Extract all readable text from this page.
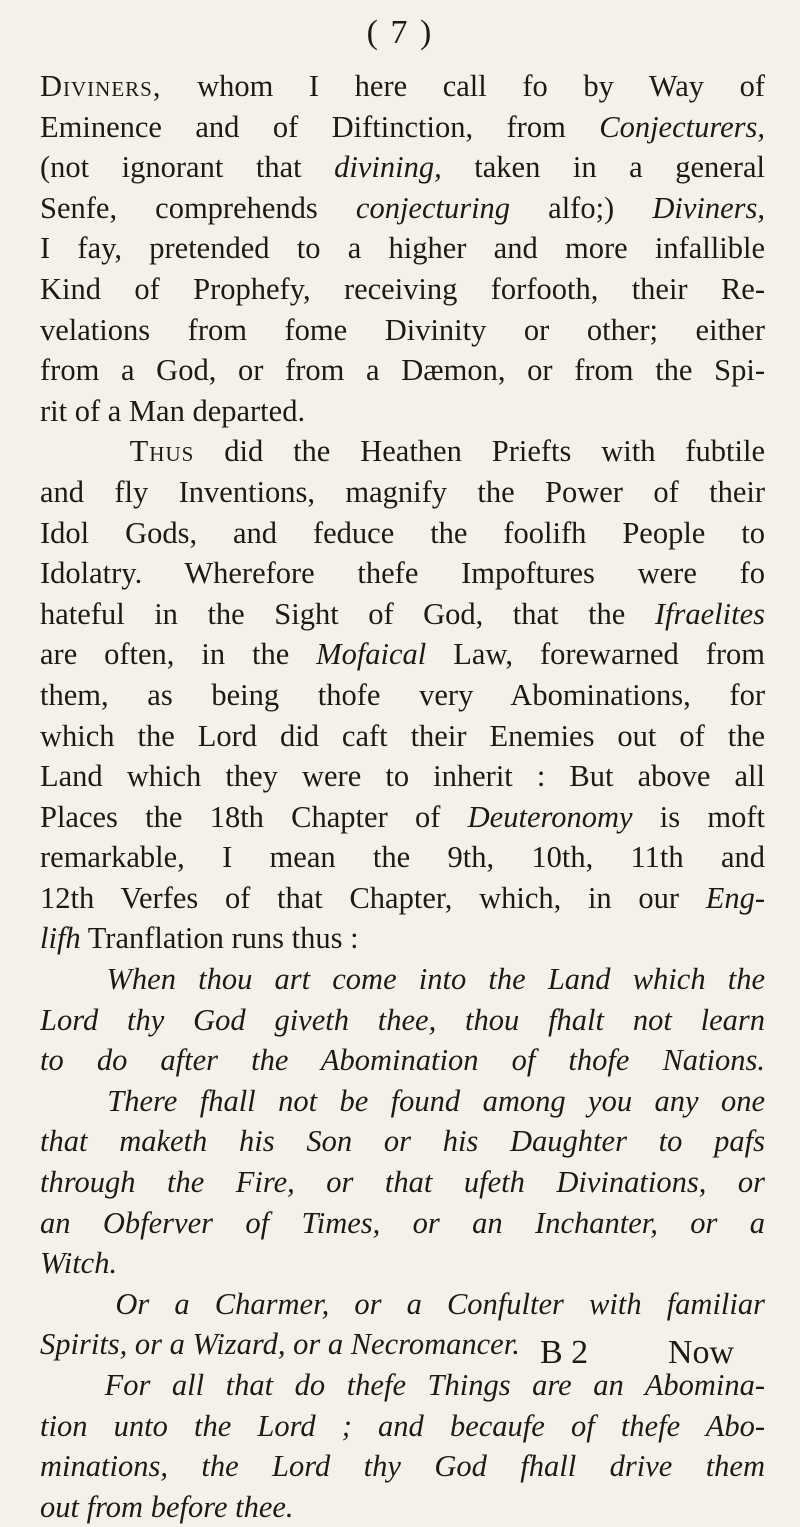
( 7 )
Diviners, whom I here call fo by Way of
Eminence and of Diftinction, from Conjecturers,
(not ignorant that divining, taken in a general
Senfe, comprehends conjecturing alfo;) Diviners,
I fay, pretended to a higher and more infallible
Kind of Prophefy, receiving forfooth, their Re-
velations from fome Divinity or other; either
from a God, or from a Dæmon, or from the Spi-
rit of a Man departed.
Thus did the Heathen Priefts with fubtile
and fly Inventions, magnify the Power of their
Idol Gods, and feduce the foolifh People to
Idolatry. Wherefore thefe Impoftures were fo
hateful in the Sight of God, that the Ifraelites
are often, in the Mofaical Law, forewarned from
them, as being thofe very Abominations, for
which the Lord did caft their Enemies out of the
Land which they were to inherit : But above all
Places the 18th Chapter of Deuteronomy is moft
remarkable, I mean the 9th, 10th, 11th and
12th Verfes of that Chapter, which, in our Eng-
lifh Tranflation runs thus :
When thou art come into the Land which the
Lord thy God giveth thee, thou fhalt not learn
to do after the Abomination of thofe Nations.
There fhall not be found among you any one
that maketh his Son or his Daughter to pafs
through the Fire, or that ufeth Divinations, or
an Obferver of Times, or an Inchanter, or a
Witch.
Or a Charmer, or a Confulter with familiar
Spirits, or a Wizard, or a Necromancer.
For all that do thefe Things are an Abomina-
tion unto the Lord ; and becaufe of thefe Abo-
minations, the Lord thy God fhall drive them
out from before thee.
B 2 Now
